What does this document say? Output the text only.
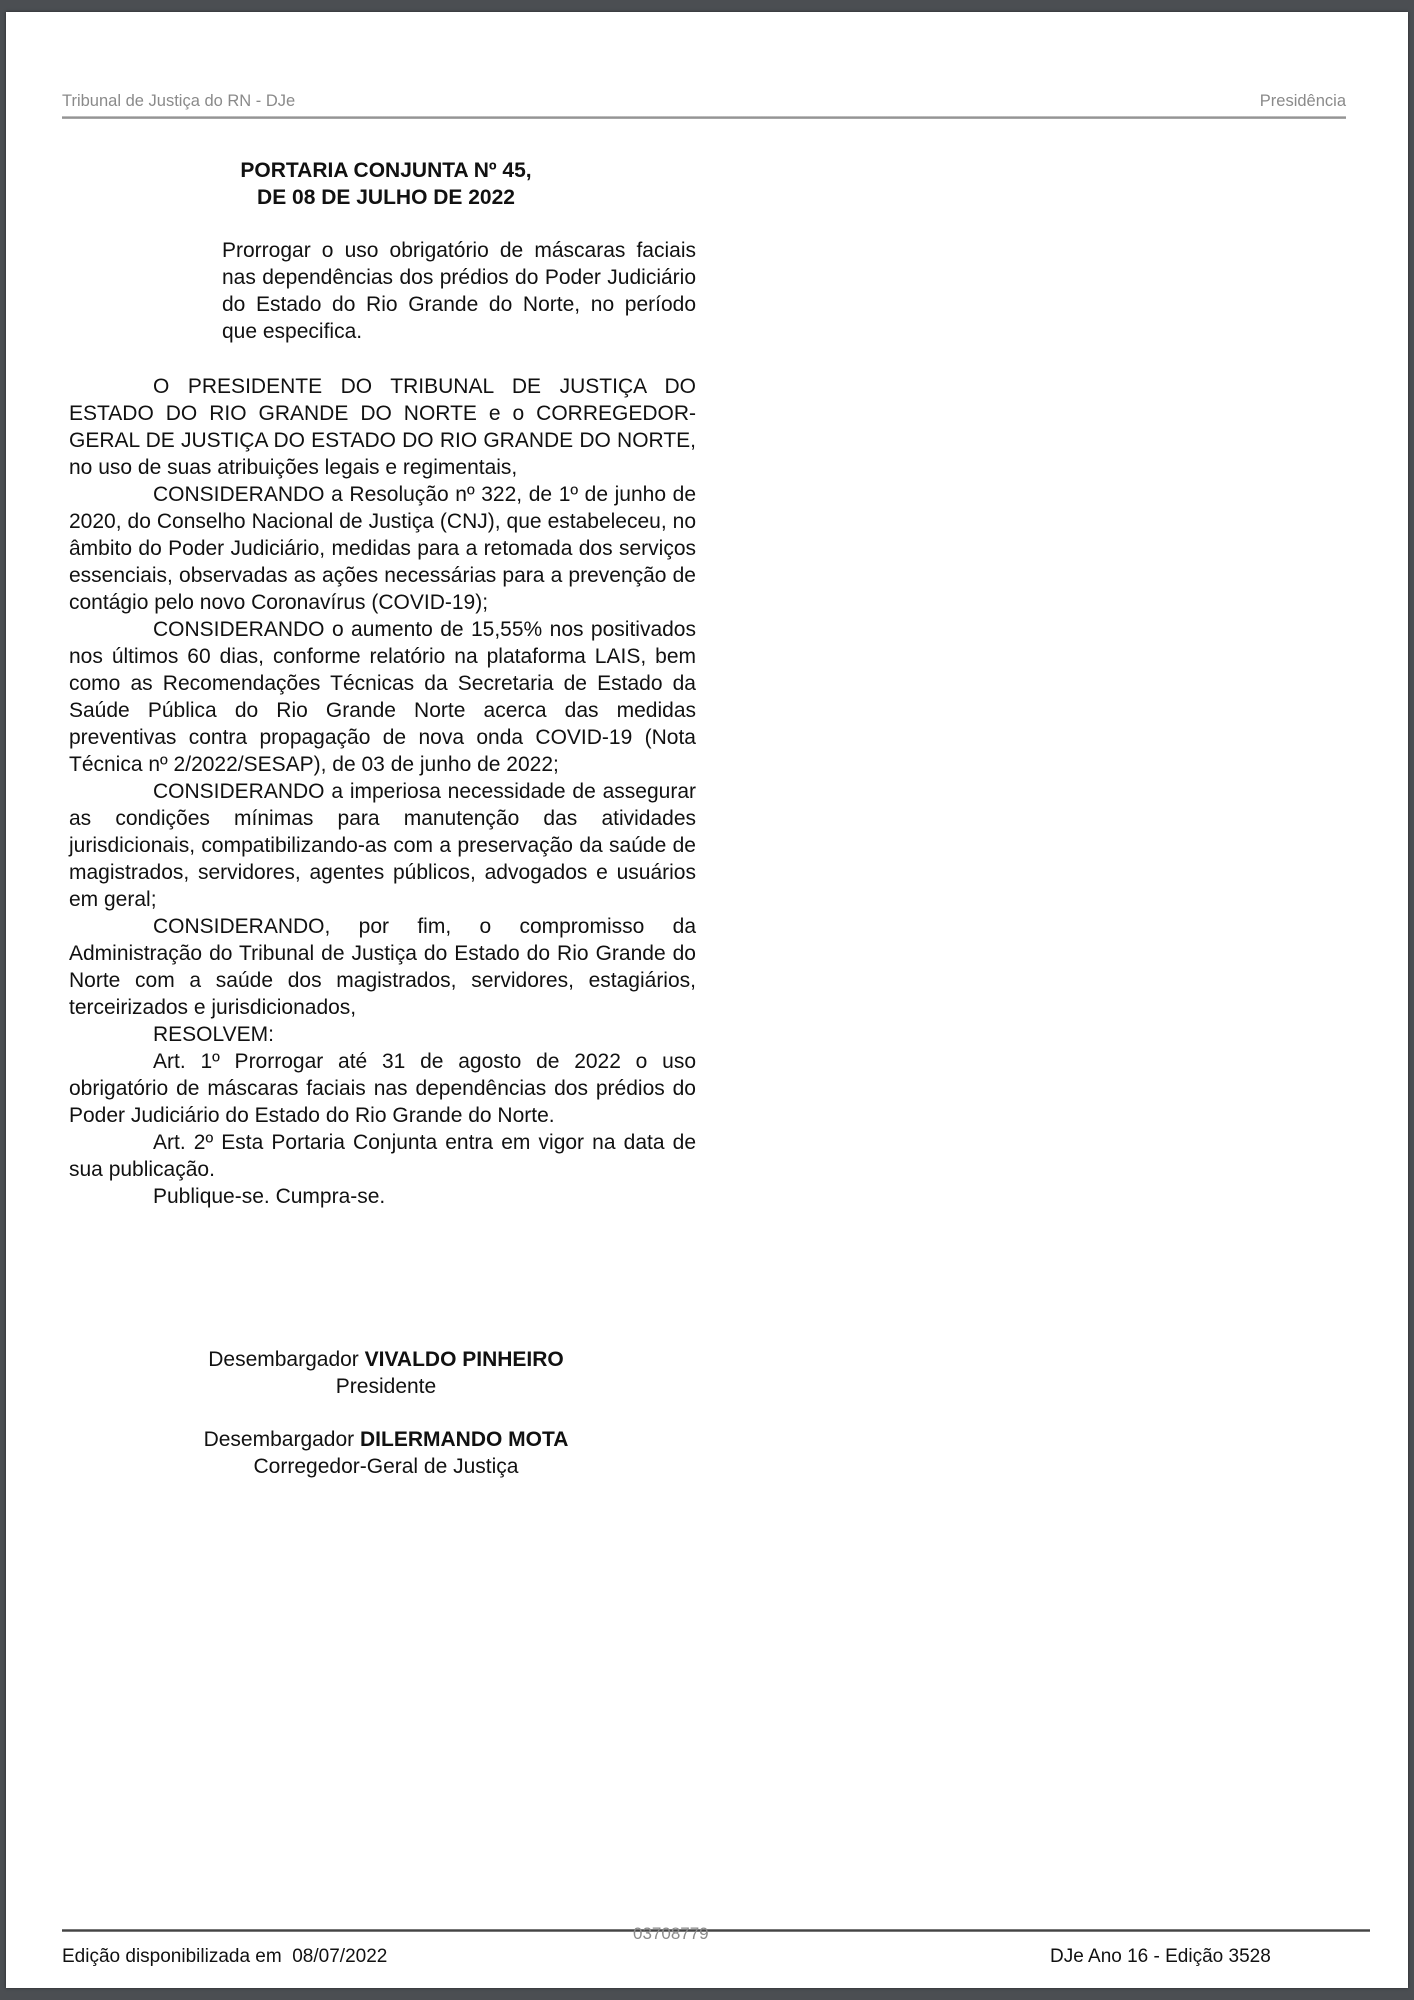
Tribunal de Justiça do RN - DJe	Presidência
PORTARIA CONJUNTA Nº 45,
DE 08 DE JULHO DE 2022
Prorrogar o uso obrigatório de máscaras faciais nas dependências dos prédios do Poder Judiciário do Estado do Rio Grande do Norte, no período que especifica.

O PRESIDENTE DO TRIBUNAL DE JUSTIÇA DO ESTADO DO RIO GRANDE DO NORTE e o CORREGEDOR-GERAL DE JUSTIÇA DO ESTADO DO RIO GRANDE DO NORTE, no uso de suas atribuições legais e regimentais,

CONSIDERANDO a Resolução nº 322, de 1º de junho de 2020, do Conselho Nacional de Justiça (CNJ), que estabeleceu, no âmbito do Poder Judiciário, medidas para a retomada dos serviços essenciais, observadas as ações necessárias para a prevenção de contágio pelo novo Coronavírus (COVID-19);

CONSIDERANDO o aumento de 15,55% nos positivados nos últimos 60 dias, conforme relatório na plataforma LAIS, bem como as Recomendações Técnicas da Secretaria de Estado da Saúde Pública do Rio Grande Norte acerca das medidas preventivas contra propagação de nova onda COVID-19 (Nota Técnica nº 2/2022/SESAP), de 03 de junho de 2022;

CONSIDERANDO a imperiosa necessidade de assegurar as condições mínimas para manutenção das atividades jurisdicionais, compatibilizando-as com a preservação da saúde de magistrados, servidores, agentes públicos, advogados e usuários em geral;

CONSIDERANDO, por fim, o compromisso da Administração do Tribunal de Justiça do Estado do Rio Grande do Norte com a saúde dos magistrados, servidores, estagiários, terceirizados e jurisdicionados,

RESOLVEM:

Art. 1º Prorrogar até 31 de agosto de 2022 o uso obrigatório de máscaras faciais nas dependências dos prédios do Poder Judiciário do Estado do Rio Grande do Norte.

Art. 2º Esta Portaria Conjunta entra em vigor na data de sua publicação.

Publique-se. Cumpra-se.

Desembargador VIVALDO PINHEIRO
Presidente
Desembargador DILERMANDO MOTA
Corregedor-Geral de Justiça
03708779
Edição disponibilizada em  08/07/2022	DJe Ano 16 - Edição 3528
